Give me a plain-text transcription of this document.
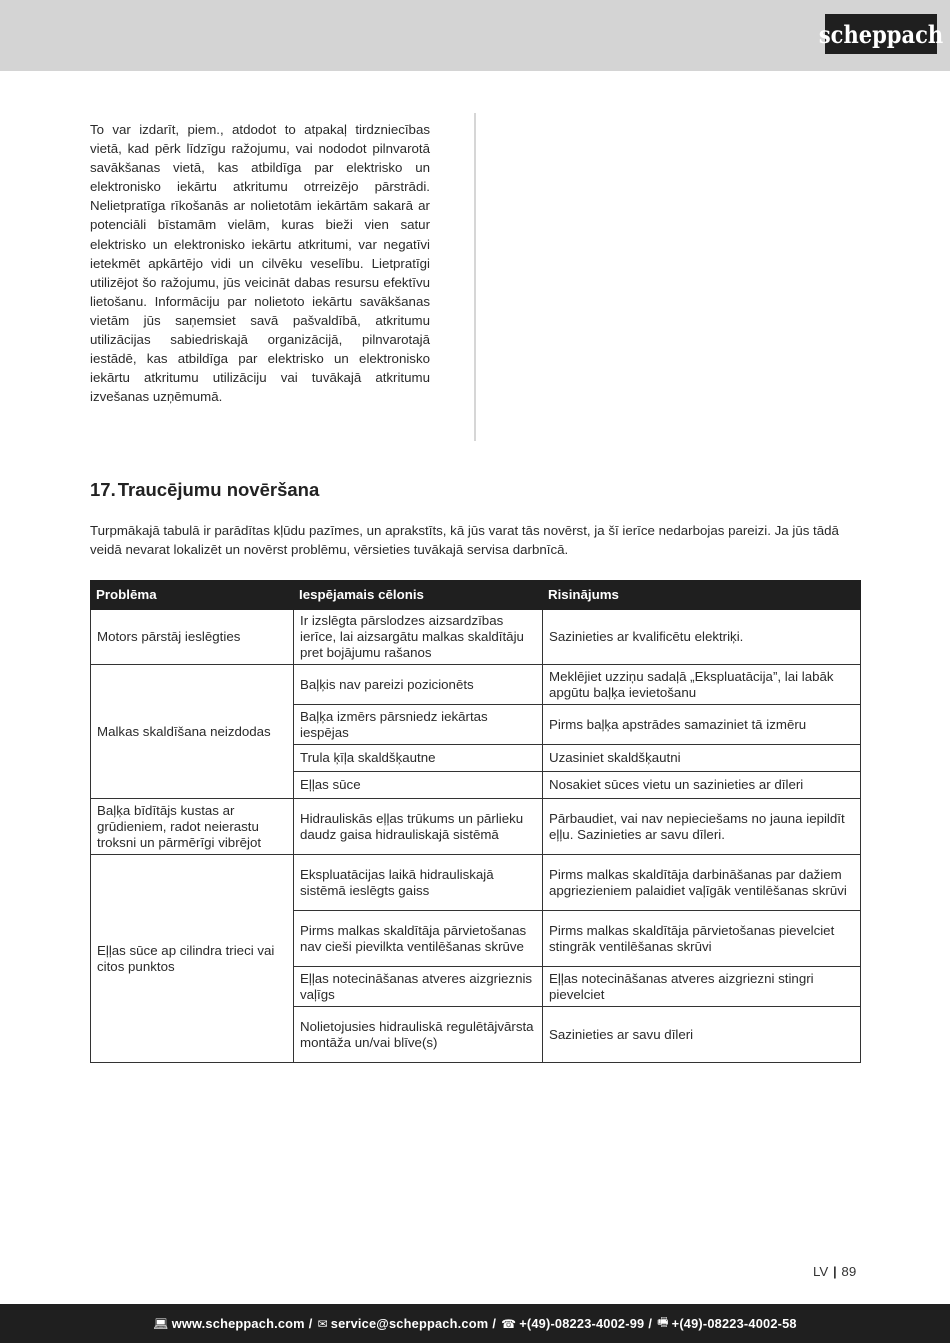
scheppach
To var izdarīt, piem., atdodot to atpakaļ tirdzniecības vietā, kad pērk līdzīgu ražojumu, vai nododot pilnvarotā savākšanas vietā, kas atbildīga par elektrisko un elektronisko iekārtu atkritumu otrreizējo pārstrādi. Nelietpratīga rīkošanās ar nolietotām iekārtām sakarā ar potenciāli bīstamām vielām, kuras bieži vien satur elektrisko un elektronisko iekārtu atkritumi, var negatīvi ietekmēt apkārtējo vidi un cilvēku veselību. Lietpratīgi utilizējot šo ražojumu, jūs veicināt dabas resursu efektīvu lietošanu. Informāciju par nolietoto iekārtu savākšanas vietām jūs saņemsiet savā pašvaldībā, atkritumu utilizācijas sabiedriskajā organizācijā, pilnvarotajā iestādē, kas atbildīga par elektrisko un elektronisko iekārtu atkritumu utilizāciju vai tuvākajā atkritumu izvešanas uzņēmumā.
17. Traucējumu novēršana
Turpmākajā tabulā ir parādītas kļūdu pazīmes, un aprakstīts, kā jūs varat tās novērst, ja šī ierīce nedarbojas pareizi. Ja jūs tādā veidā nevarat lokalizēt un novērst problēmu, vērsieties tuvākajā servisa darbnīcā.
Problēma	Iespējamais cēlonis	Risinājums
Motors pārstāj ieslēgties	Ir izslēgta pārslodzes aizsardzības ierīce, lai aizsargātu malkas skaldītāju pret bojājumu rašanos	Sazinieties ar kvalificētu elektriķi.
Malkas skaldīšana neizdodas	Baļķis nav pareizi pozicionēts	Meklējiet uzziņu sadaļā „Ekspluatācija”, lai labāk apgūtu baļķa ievietošanu
	Baļķa izmērs pārsniedz iekārtas iespējas	Pirms baļķa apstrādes samaziniet tā izmēru
	Trula ķīļa skaldšķautne	Uzasiniet skaldšķautni
	Eļļas sūce	Nosakiet sūces vietu un sazinieties ar dīleri
Baļķa bīdītājs kustas ar grūdieniem, radot neierastu troksni un pārmērīgi vibrējot	Hidrauliskās eļļas trūkums un pārlieku daudz gaisa hidrauliskajā sistēmā	Pārbaudiet, vai nav nepieciešams no jauna iepildīt eļļu. Sazinieties ar savu dīleri.
Eļļas sūce ap cilindra trieci vai citos punktos	Ekspluatācijas laikā hidrauliskajā sistēmā ieslēgts gaiss	Pirms malkas skaldītāja darbināšanas par dažiem apgriezieniem palaidiet vaļīgāk ventilēšanas skrūvi
	Pirms malkas skaldītāja pārvietošanas nav cieši pievilkta ventilēšanas skrūve	Pirms malkas skaldītāja pārvietošanas pievelciet stingrāk ventilēšanas skrūvi
	Eļļas notecināšanas atveres aizgrieznis vaļīgs	Eļļas notecināšanas atveres aizgriezni stingri pievelciet
	Nolietojusies hidrauliskā regulētājvārsta montāža un/vai blīve(s)	Sazinieties ar savu dīleri
LV | 89
💻︎ www.scheppach.com / ✉ service@scheppach.com / ☎ +(49)-08223-4002-99 / 🖷︎ +(49)-08223-4002-58
